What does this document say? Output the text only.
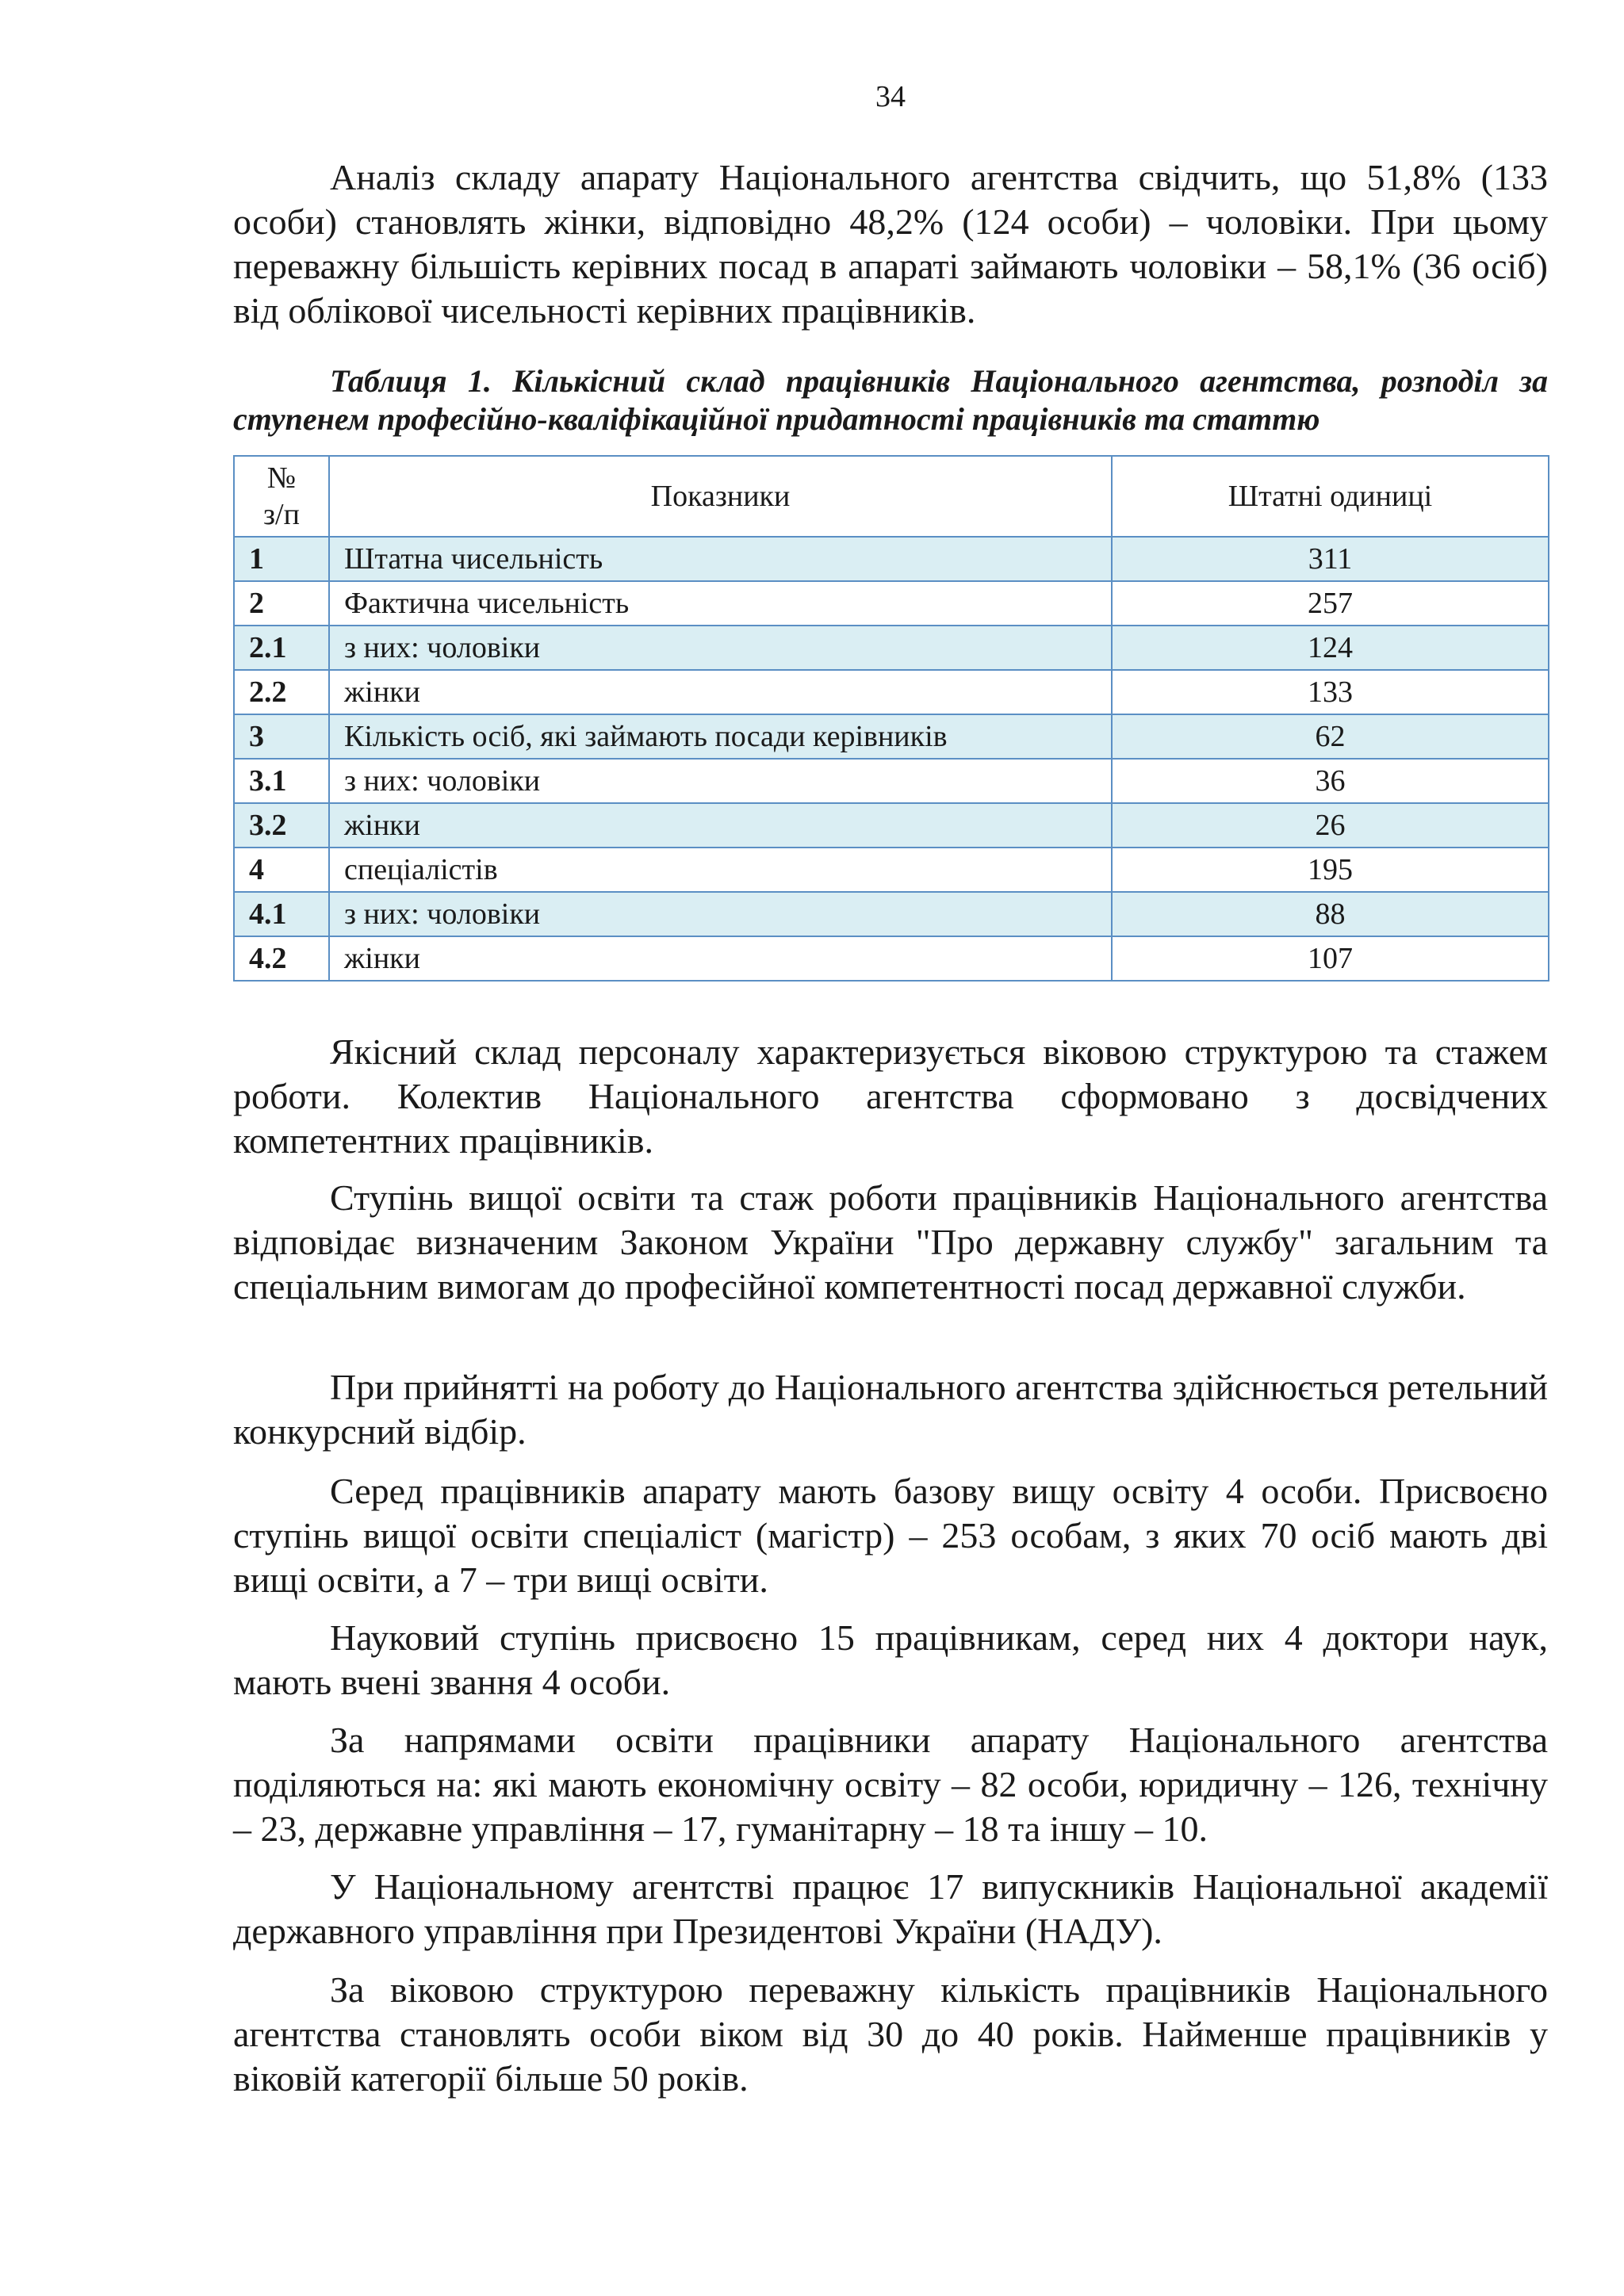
34

Аналіз складу апарату Національного агентства свідчить, що 51,8% (133 особи) становлять жінки, відповідно 48,2% (124 особи) – чоловіки. При цьому переважну більшість керівних посад в апараті займають чоловіки – 58,1% (36 осіб) від облікової чисельності керівних працівників.

Таблиця 1. Кількісний склад працівників Національного агентства, розподіл за ступенем професійно-кваліфікаційної придатності працівників та статтю

№
з/п	Показники	Штатні одиниці
1	Штатна чисельність	311
2	Фактична чисельність	257
2.1	з них: чоловіки	124
2.2	жінки	133
3	Кількість осіб, які займають посади керівників	62
3.1	з них: чоловіки	36
3.2	жінки	26
4	спеціалістів	195
4.1	з них: чоловіки	88
4.2	жінки	107

Якісний склад персоналу характеризується віковою структурою та стажем роботи. Колектив Національного агентства сформовано з досвідчених компетентних працівників.

Ступінь вищої освіти та стаж роботи працівників Національного агентства відповідає визначеним Законом України "Про державну службу" загальним та спеціальним вимогам до професійної компетентності посад державної служби.

При прийнятті на роботу до Національного агентства здійснюється ретельний конкурсний відбір.

Серед працівників апарату мають базову вищу освіту 4 особи. Присвоєно ступінь вищої освіти спеціаліст (магістр) – 253 особам, з яких 70 осіб мають дві вищі освіти, а 7 – три вищі освіти.

Науковий ступінь присвоєно 15 працівникам, серед них 4 доктори наук, мають вчені звання 4 особи.

За напрямами освіти працівники апарату Національного агентства поділяються на: які мають економічну освіту – 82 особи, юридичну – 126, технічну – 23, державне управління – 17, гуманітарну – 18 та іншу – 10.

У Національному агентстві працює 17 випускників Національної академії державного управління при Президентові України (НАДУ).

За віковою структурою переважну кількість працівників Національного агентства становлять особи віком від 30 до 40 років. Найменше працівників у віковій категорії більше 50 років.
